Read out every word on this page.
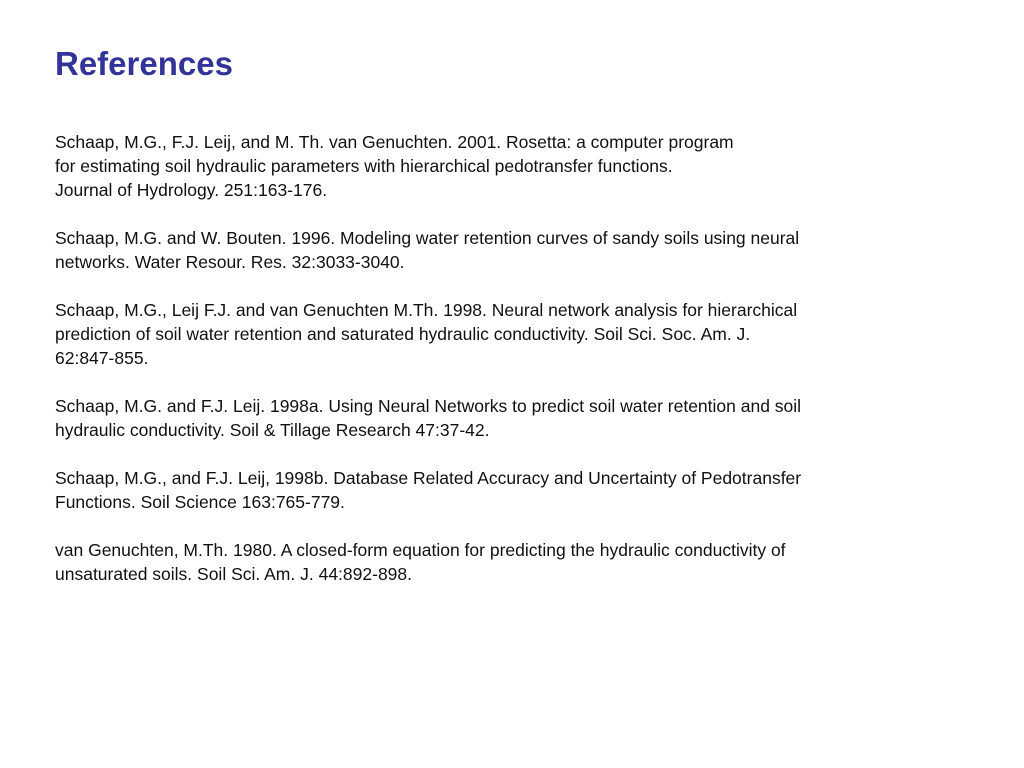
References
Schaap, M.G., F.J. Leij, and M. Th. van Genuchten. 2001. Rosetta: a computer program
for estimating soil hydraulic parameters with hierarchical pedotransfer functions.
Journal of Hydrology. 251:163-176.
Schaap, M.G. and W. Bouten. 1996. Modeling water retention curves of sandy soils using neural
networks. Water Resour. Res. 32:3033-3040.
Schaap, M.G., Leij F.J. and van Genuchten M.Th. 1998. Neural network analysis for hierarchical
prediction of soil water retention and saturated hydraulic conductivity. Soil Sci. Soc. Am. J.
62:847-855.
Schaap, M.G. and F.J. Leij. 1998a. Using Neural Networks to predict soil water retention and soil
hydraulic conductivity. Soil & Tillage Research 47:37-42.
Schaap, M.G., and F.J. Leij, 1998b. Database Related Accuracy and Uncertainty of Pedotransfer
Functions. Soil Science 163:765-779.
van Genuchten, M.Th. 1980. A closed-form equation for predicting the hydraulic conductivity of
unsaturated soils. Soil Sci. Am. J. 44:892-898.
